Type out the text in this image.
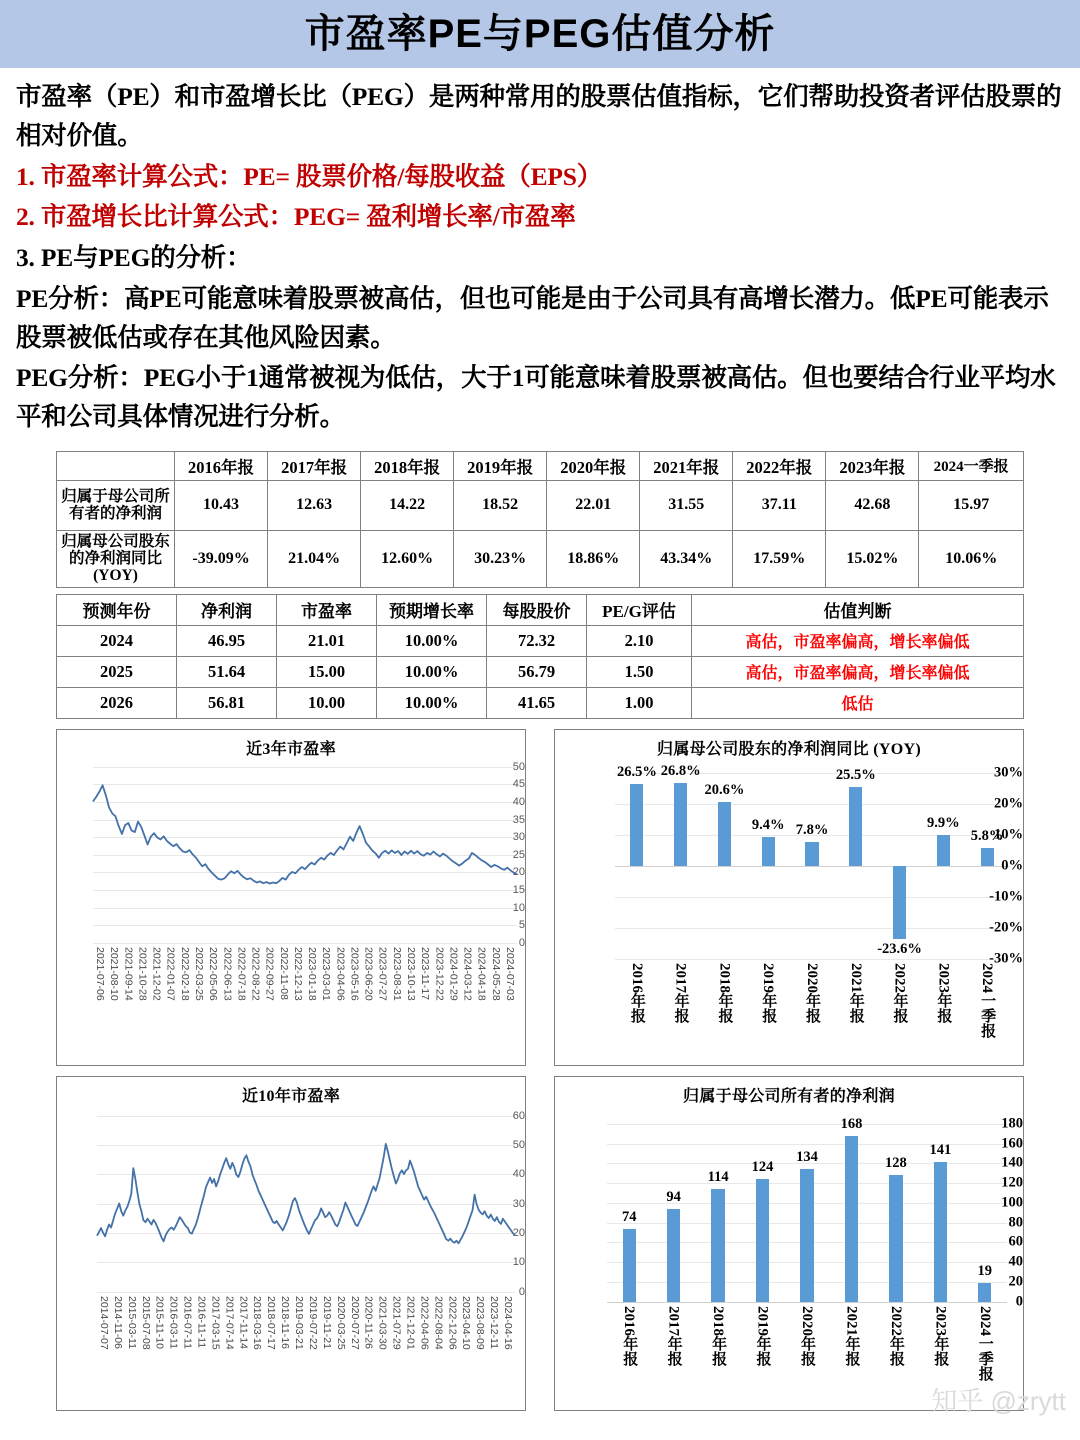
市盈率PE与PEG估值分析

市盈率（PE）和市盈增长比（PEG）是两种常用的股票估值指标，它们帮助投资者评估股票的相对价值。

1. 市盈率计算公式：PE= 股票价格/每股收益（EPS）

2. 市盈增长比计算公式：PEG= 盈利增长率/市盈率

3. PE与PEG的分析：

PE分析：高PE可能意味着股票被高估，但也可能是由于公司具有高增长潜力。低PE可能表示股票被低估或存在其他风险因素。

PEG分析：PEG小于1通常被视为低估，大于1可能意味着股票被高估。但也要结合行业平均水平和公司具体情况进行分析。

	2016年报	2017年报	2018年报	2019年报	2020年报	2021年报	2022年报	2023年报	2024一季报
归属于母公司所有者的净利润	10.43	12.63	14.22	18.52	22.01	31.55	37.11	42.68	15.97
归属母公司股东的净利润同比(YOY)	-39.09%	21.04%	12.60%	30.23%	18.86%	43.34%	17.59%	15.02%	10.06%
预测年份	净利润	市盈率	预期增长率	每股股价	PE/G评估	估值判断
2024	46.95	21.01	10.00%	72.32	2.10	高估，市盈率偏高，增长率偏低
2025	51.64	15.00	10.00%	56.79	1.50	高估，市盈率偏高，增长率偏低
2026	56.81	10.00	10.00%	41.65	1.00	低估
近3年市盈率
0
5
10
15
20
25
30
35
40
45
50
2021-07-06 2021-08-10 2021-09-14 2021-10-28 2021-12-02 2022-01-07 2022-02-18 2022-03-25 2022-05-06 2022-06-13 2022-07-18 2022-08-22 2022-09-27 2022-11-08 2022-12-13 2023-01-18 2023-03-01 2023-04-06 2023-05-16 2023-06-20 2023-07-27 2023-08-31 2023-10-13 2023-11-17 2023-12-22 2024-01-29 2024-03-12 2024-04-18 2024-05-28 2024-07-03
归属母公司股东的净利润同比 (YOY)
30%
20%
10%
0%
-10%
-20%
-30%
26.5%
2016年报
26.8%
2017年报
20.6%
2018年报
9.4%
2019年报
7.8%
2020年报
25.5%
2021年报
-23.6%
2022年报
9.9%
2023年报
5.8%
2024一季报
近10年市盈率
0
10
20
30
40
50
60
2014-07-07 2014-11-06 2015-03-11 2015-07-08 2015-11-10 2016-03-11 2016-07-11 2016-11-11 2017-03-15 2017-07-14 2017-11-14 2018-03-16 2018-07-17 2018-11-16 2019-03-21 2019-07-22 2019-11-21 2020-03-25 2020-07-27 2020-11-26 2021-03-30 2021-07-29 2021-12-01 2022-04-06 2022-08-04 2022-12-06 2023-04-10 2023-08-09 2023-12-11 2024-04-16
归属于母公司所有者的净利润
0
20
40
60
80
100
120
140
160
180
74
2016年报
94
2017年报
114
2018年报
124
2019年报
134
2020年报
168
2021年报
128
2022年报
141
2023年报
19
2024一季报
知乎 @zrytt
